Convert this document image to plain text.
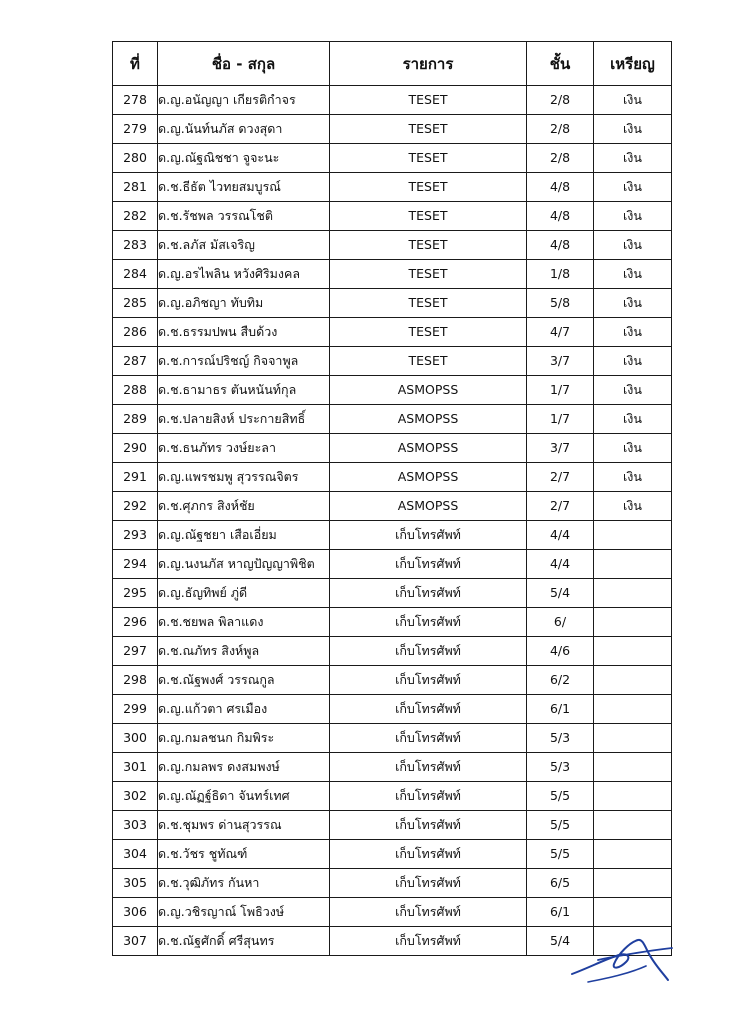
ที่	ชื่อ - สกุล	รายการ	ชั้น	เหรียญ
278	ด.ญ.อนัญญา เกียรติกำจร	TESET	2/8	เงิน
279	ด.ญ.นันท์นภัส ดวงสุดา	TESET	2/8	เงิน
280	ด.ญ.ณัฐณิชชา จูจะนะ	TESET	2/8	เงิน
281	ด.ช.ธีธัต ไวทยสมบูรณ์	TESET	4/8	เงิน
282	ด.ช.รัชพล วรรณโชติ	TESET	4/8	เงิน
283	ด.ช.ลภัส มัสเจริญ	TESET	4/8	เงิน
284	ด.ญ.อรไพลิน หวังศิริมงคล	TESET	1/8	เงิน
285	ด.ญ.อภิชญา ทับทิม	TESET	5/8	เงิน
286	ด.ช.ธรรมปพน สืบด้วง	TESET	4/7	เงิน
287	ด.ช.การณ์ปริชญ์ กิจจาพูล	TESET	3/7	เงิน
288	ด.ช.ธามาธร ตันหนันท์กุล	ASMOPSS	1/7	เงิน
289	ด.ช.ปลายสิงห์ ประกายสิทธิ์	ASMOPSS	1/7	เงิน
290	ด.ช.ธนภัทร วงษ์ยะลา	ASMOPSS	3/7	เงิน
291	ด.ญ.แพรชมพู สุวรรณจิตร	ASMOPSS	2/7	เงิน
292	ด.ช.ศุภกร สิงห์ชัย	ASMOPSS	2/7	เงิน
293	ด.ญ.ณัฐชยา เสือเอี่ยม	เก็บโทรศัพท์	4/4	
294	ด.ญ.นงนภัส หาญปัญญาพิชิต	เก็บโทรศัพท์	4/4	
295	ด.ญ.ธัญทิพย์ ภู่ดี	เก็บโทรศัพท์	5/4	
296	ด.ช.ชยพล พิลาแดง	เก็บโทรศัพท์	6/	
297	ด.ช.ณภัทร สิงห์พูล	เก็บโทรศัพท์	4/6	
298	ด.ช.ณัฐพงศ์ วรรณกูล	เก็บโทรศัพท์	6/2	
299	ด.ญ.แก้วตา ศรเมือง	เก็บโทรศัพท์	6/1	
300	ด.ญ.กมลชนก กิมพิระ	เก็บโทรศัพท์	5/3	
301	ด.ญ.กมลพร ดงสมพงษ์	เก็บโทรศัพท์	5/3	
302	ด.ญ.ณัฏฐ์ธิดา จันทร์เทศ	เก็บโทรศัพท์	5/5	
303	ด.ช.ชุมพร ด่านสุวรรณ	เก็บโทรศัพท์	5/5	
304	ด.ช.วัชร ชูทัณฑ์	เก็บโทรศัพท์	5/5	
305	ด.ช.วุฒิภัทร กันหา	เก็บโทรศัพท์	6/5	
306	ด.ญ.วชิรญาณ์ โพธิวงษ์	เก็บโทรศัพท์	6/1	
307	ด.ช.ณัฐศักดิ์ ศรีสุนทร	เก็บโทรศัพท์	5/4	
